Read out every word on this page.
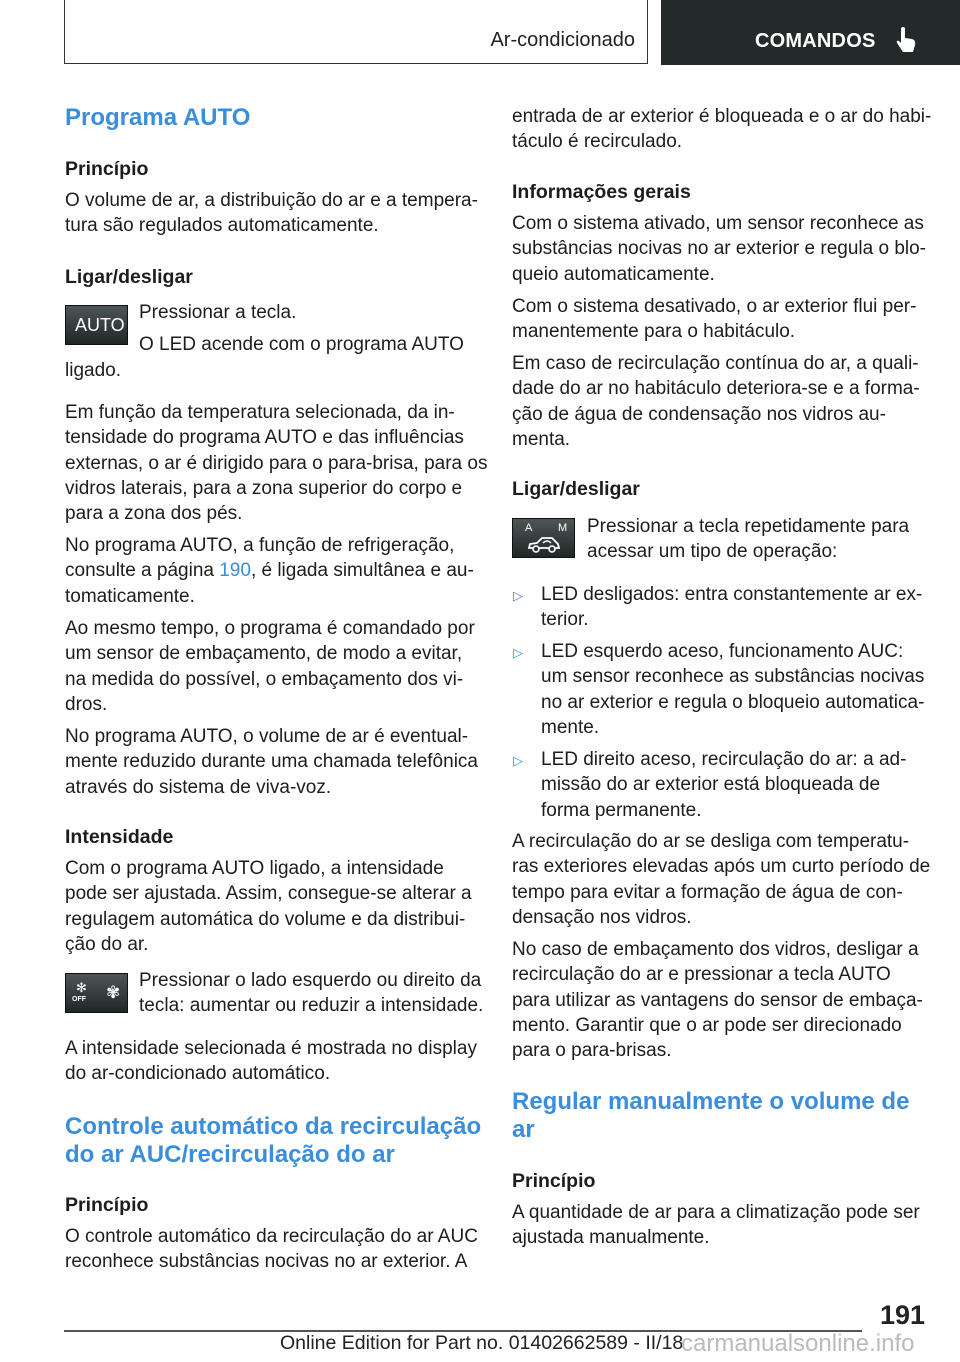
Ar-condicionado	COMANDOS
Programa AUTO
Princípio
O volume de ar, a distribuição do ar e a tempera-
tura são regulados automaticamente.
Ligar/desligar
AUTO
Pressionar a tecla.
O LED acende com o programa AUTO
ligado.
Em função da temperatura selecionada, da in-
tensidade do programa AUTO e das influências
externas, o ar é dirigido para o para-brisa, para os
vidros laterais, para a zona superior do corpo e
para a zona dos pés.
No programa AUTO, a função de refrigeração,
consulte a página 190, é ligada simultânea e au-
tomaticamente.
Ao mesmo tempo, o programa é comandado por
um sensor de embaçamento, de modo a evitar,
na medida do possível, o embaçamento dos vi-
dros.
No programa AUTO, o volume de ar é eventual-
mente reduzido durante uma chamada telefônica
através do sistema de viva-voz.
Intensidade
Com o programa AUTO ligado, a intensidade
pode ser ajustada. Assim, consegue-se alterar a
regulagem automática do volume e da distribui-
ção do ar.
✻
OFF ✾
Pressionar o lado esquerdo ou direito da
tecla: aumentar ou reduzir a intensidade.
A intensidade selecionada é mostrada no display
do ar-condicionado automático.
Controle automático da recirculação
do ar AUC/recirculação do ar
Princípio
O controle automático da recirculação do ar AUC
reconhece substâncias nocivas no ar exterior. A
entrada de ar exterior é bloqueada e o ar do habi-
táculo é recirculado.
Informações gerais
Com o sistema ativado, um sensor reconhece as
substâncias nocivas no ar exterior e regula o blo-
queio automaticamente.
Com o sistema desativado, o ar exterior flui per-
manentemente para o habitáculo.
Em caso de recirculação contínua do ar, a quali-
dade do ar no habitáculo deteriora-se e a forma-
ção de água de condensação nos vidros au-
menta.
Ligar/desligar
A M Pressionar a tecla repetidamente para
acessar um tipo de operação:
▷ LED desligados: entra constantemente ar ex-
terior.
▷ LED esquerdo aceso, funcionamento AUC:
um sensor reconhece as substâncias nocivas
no ar exterior e regula o bloqueio automatica-
mente.
▷ LED direito aceso, recirculação do ar: a ad-
missão do ar exterior está bloqueada de
forma permanente.
A recirculação do ar se desliga com temperatu-
ras exteriores elevadas após um curto período de
tempo para evitar a formação de água de con-
densação nos vidros.
No caso de embaçamento dos vidros, desligar a
recirculação do ar e pressionar a tecla AUTO
para utilizar as vantagens do sensor de embaça-
mento. Garantir que o ar pode ser direcionado
para o para-brisas.
Regular manualmente o volume de
ar
Princípio
A quantidade de ar para a climatização pode ser
ajustada manualmente.
191
Online Edition for Part no. 01402662589 - II/18
carmanualsonline.info
